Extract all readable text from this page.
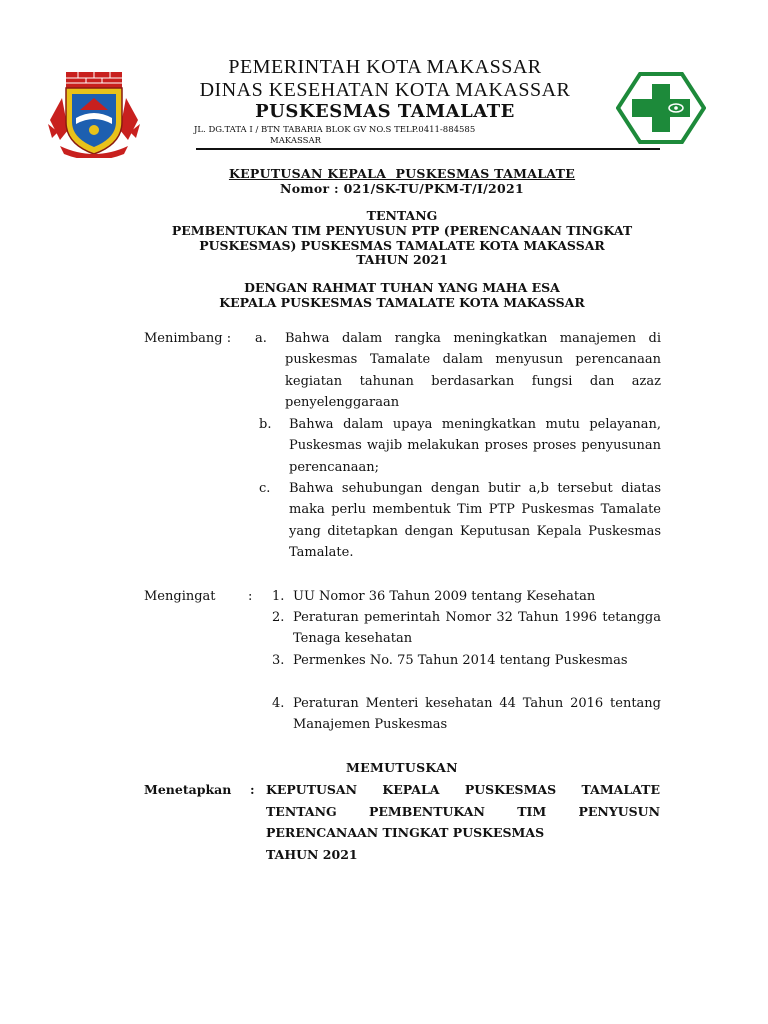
PEMERINTAH KOTA MAKASSAR
DINAS KESEHATAN KOTA MAKASSAR
PUSKESMAS TAMALATE
JL. DG.TATA I / BTN TABARIA BLOK GV NO.S TELP.0411-884585
MAKASSAR
KEPUTUSAN KEPALA  PUSKESMAS TAMALATE
Nomor : 021/SK-TU/PKM-T/I/2021
TENTANG
PEMBENTUKAN TIM PENYUSUN PTP (PERENCANAAN TINGKAT
PUSKESMAS) PUSKESMAS TAMALATE KOTA MAKASSAR
TAHUN 2021
DENGAN RAHMAT TUHAN YANG MAHA ESA
KEPALA PUSKESMAS TAMALATE KOTA MAKASSAR
Menimbang : a. Bahwa dalam rangka meningkatkan manajemen di puskesmas Tamalate dalam menyusun perencanaan kegiatan tahunan berdasarkan fungsi dan azaz penyelenggaraan
b. Bahwa dalam upaya meningkatkan mutu pelayanan, Puskesmas wajib melakukan proses proses penyusunan perencanaan;
c. Bahwa sehubungan dengan butir a,b tersebut diatas maka perlu membentuk Tim PTP Puskesmas Tamalate yang ditetapkan dengan Keputusan Kepala Puskesmas Tamalate.
Mengingat : 1. UU Nomor 36 Tahun 2009 tentang Kesehatan
2. Peraturan pemerintah Nomor 32 Tahun 1996 tetangga Tenaga kesehatan
3. Permenkes No. 75 Tahun 2014 tentang Puskesmas
4. Peraturan Menteri kesehatan 44 Tahun 2016 tentang Manajemen Puskesmas
MEMUTUSKAN
Menetapkan : KEPUTUSAN KEPALA PUSKESMAS TAMALATE
TENTANG PEMBENTUKAN TIM PENYUSUN
PERENCANAAN TINGKAT PUSKESMAS
TAHUN 2021
